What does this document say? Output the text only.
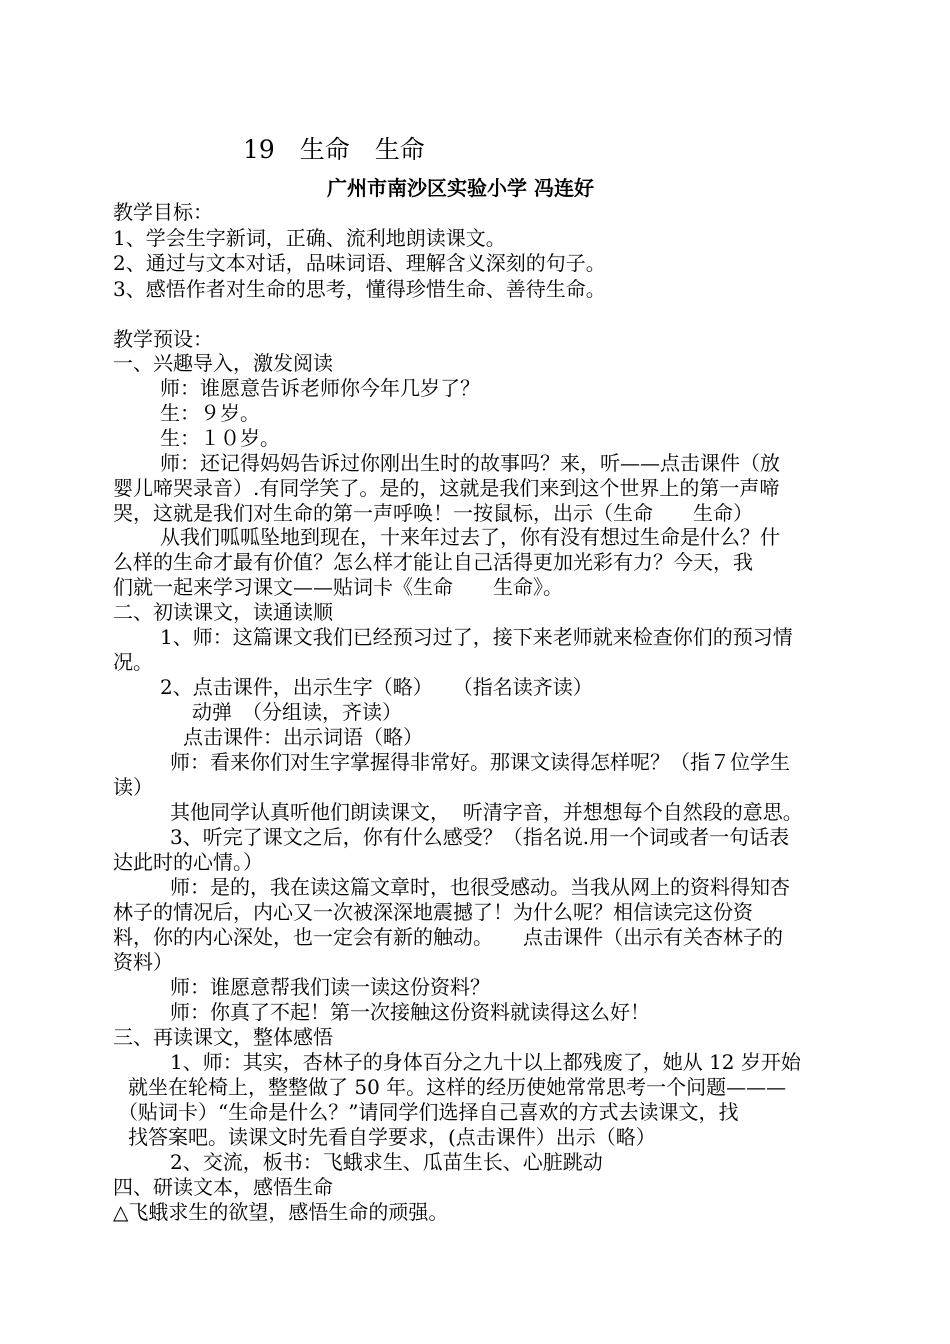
19　生命　生命

广州市南沙区实验小学 冯连好

教学目标：

1、学会生字新词，正确、流利地朗读课文。

2、通过与文本对话，品味词语、理解含义深刻的句子。

3、感悟作者对生命的思考，懂得珍惜生命、善待生命。

教学预设：

一、兴趣导入，激发阅读

师：谁愿意告诉老师你今年几岁了？

生：９岁。

生：１０岁。

师：还记得妈妈告诉过你刚出生时的故事吗？来，听——点击课件（放

婴儿啼哭录音）.有同学笑了。是的，这就是我们来到这个世界上的第一声啼

哭，这就是我们对生命的第一声呼唤！一按鼠标，出示（生命　　生命）

从我们呱呱坠地到现在，十来年过去了，你有没有想过生命是什么？什

么样的生命才最有价值？怎么样才能让自己活得更加光彩有力？今天，我

们就一起来学习课文——贴词卡《生命　　生命》。

二、初读课文，读通读顺

1、师：这篇课文我们已经预习过了，接下来老师就来检查你们的预习情

况。

2、点击课件，出示生字（略）　　（指名读齐读）

动弹　（分组读，齐读）

点击课件：出示词语（略）

师：看来你们对生字掌握得非常好。那课文读得怎样呢？（指７位学生

读）

其他同学认真听他们朗读课文，  听清字音，并想想每个自然段的意思。

3、听完了课文之后，你有什么感受？（指名说.用一个词或者一句话表

达此时的心情。）

师：是的，我在读这篇文章时，也很受感动。当我从网上的资料得知杏

林子的情况后，内心又一次被深深地震撼了！为什么呢？相信读完这份资

料，你的内心深处，也一定会有新的触动。　　点击课件（出示有关杏林子的

资料）

师：谁愿意帮我们读一读这份资料？

师：你真了不起！第一次接触这份资料就读得这么好！

三、再读课文，整体感悟

1、师：其实，杏林子的身体百分之九十以上都残废了，她从 12 岁开始

就坐在轮椅上，整整做了 50 年。这样的经历使她常常思考一个问题———

（贴词卡）“生命是什么？”请同学们选择自己喜欢的方式去读课文，找

找答案吧。读课文时先看自学要求，(点击课件）出示（略）

2、交流，板书：飞蛾求生、瓜苗生长、心脏跳动

四、研读文本，感悟生命

△飞蛾求生的欲望，感悟生命的顽强。
